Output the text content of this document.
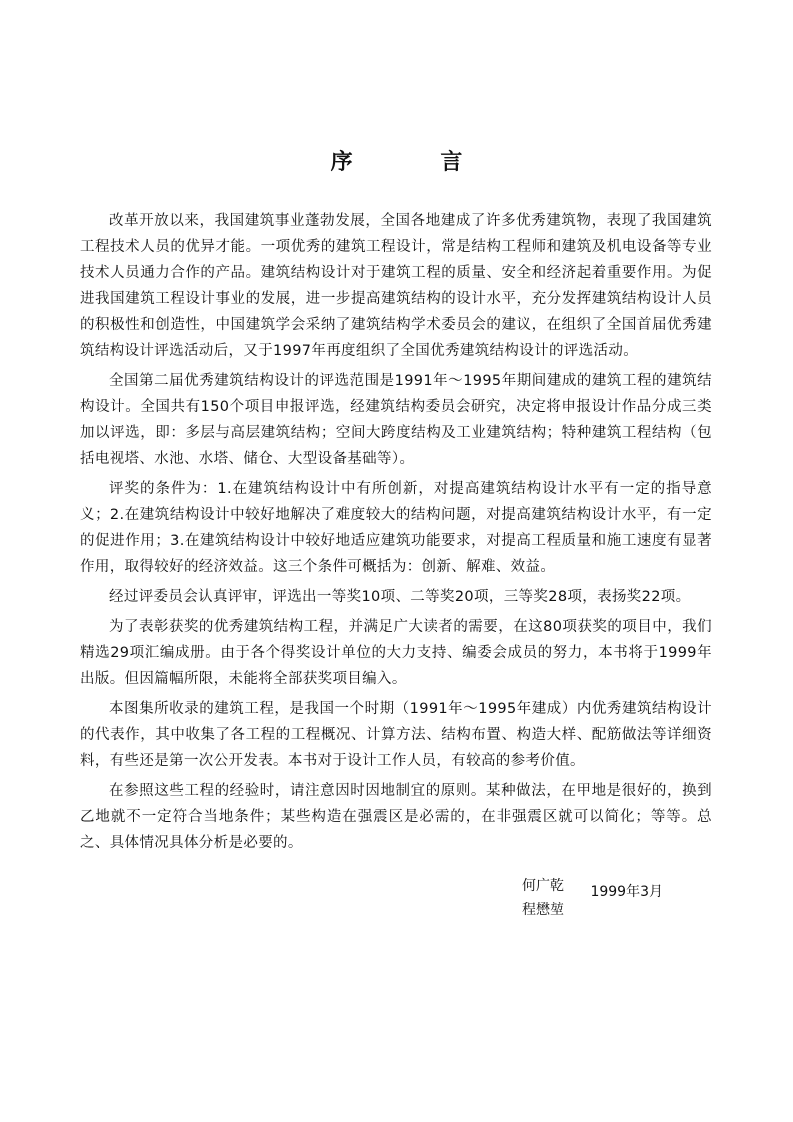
序 言

改革开放以来，我国建筑事业蓬勃发展，全国各地建成了许多优秀建筑物，表现了我国建筑工程技术人员的优异才能。一项优秀的建筑工程设计，常是结构工程师和建筑及机电设备等专业技术人员通力合作的产品。建筑结构设计对于建筑工程的质量、安全和经济起着重要作用。为促进我国建筑工程设计事业的发展，进一步提高建筑结构的设计水平，充分发挥建筑结构设计人员的积极性和创造性，中国建筑学会采纳了建筑结构学术委员会的建议，在组织了全国首届优秀建筑结构设计评选活动后，又于1997年再度组织了全国优秀建筑结构设计的评选活动。

全国第二届优秀建筑结构设计的评选范围是1991年～1995年期间建成的建筑工程的建筑结构设计。全国共有150个项目申报评选，经建筑结构委员会研究，决定将申报设计作品分成三类加以评选，即：多层与高层建筑结构；空间大跨度结构及工业建筑结构；特种建筑工程结构（包括电视塔、水池、水塔、储仓、大型设备基础等）。

评奖的条件为：1.在建筑结构设计中有所创新，对提高建筑结构设计水平有一定的指导意义；2.在建筑结构设计中较好地解决了难度较大的结构问题，对提高建筑结构设计水平，有一定的促进作用；3.在建筑结构设计中较好地适应建筑功能要求，对提高工程质量和施工速度有显著作用，取得较好的经济效益。这三个条件可概括为：创新、解难、效益。

经过评委员会认真评审，评选出一等奖10项、二等奖20项，三等奖28项，表扬奖22项。

为了表彰获奖的优秀建筑结构工程，并满足广大读者的需要，在这80项获奖的项目中，我们精选29项汇编成册。由于各个得奖设计单位的大力支持、编委会成员的努力，本书将于1999年出版。但因篇幅所限，未能将全部获奖项目编入。

本图集所收录的建筑工程，是我国一个时期（1991年～1995年建成）内优秀建筑结构设计的代表作，其中收集了各工程的工程概况、计算方法、结构布置、构造大样、配筋做法等详细资料，有些还是第一次公开发表。本书对于设计工作人员，有较高的参考价值。

在参照这些工程的经验时，请注意因时因地制宜的原则。某种做法，在甲地是很好的，换到乙地就不一定符合当地条件；某些构造在强震区是必需的，在非强震区就可以简化；等等。总之、具体情况具体分析是必要的。

何广乾
程懋堃
1999年3月
